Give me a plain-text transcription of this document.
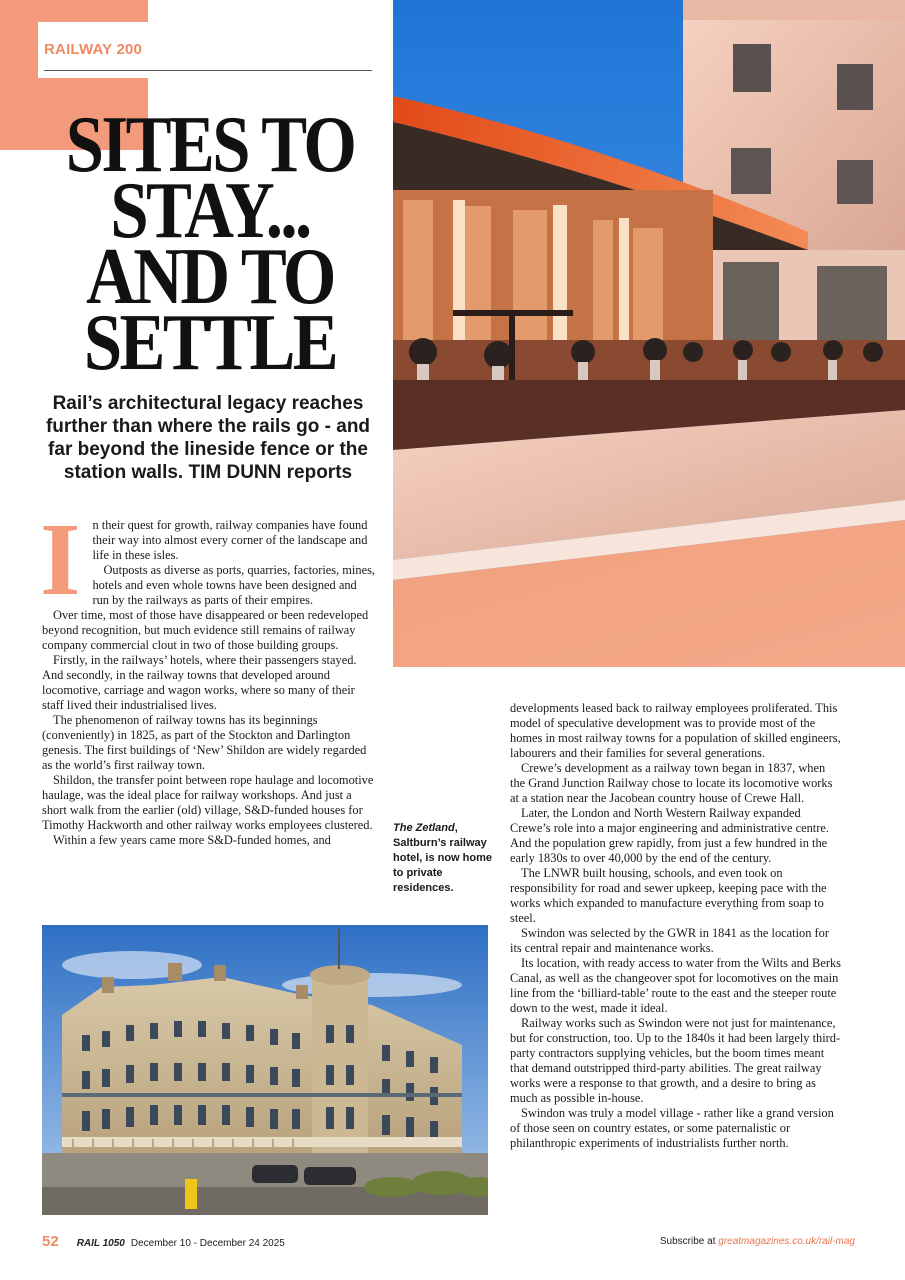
RAILWAY 200
SITES TO
STAY...
AND TO
SETTLE
Rail’s architectural legacy reaches further than where the rails go - and far beyond the lineside fence or the station walls. TIM DUNN reports
I n their quest for growth, railway companies have found their way into almost every corner of the landscape and life in these isles.

Outposts as diverse as ports, quarries, factories, mines, hotels and even whole towns have been designed and run by the railways as parts of their empires.

Over time, most of those have disappeared or been redeveloped beyond recognition, but much evidence still remains of railway company commercial clout in two of those building groups.

Firstly, in the railways’ hotels, where their passengers stayed. And secondly, in the railway towns that developed around locomotive, carriage and wagon works, where so many of their staff lived their industrialised lives.

The phenomenon of railway towns has its beginnings (conveniently) in 1825, as part of the Stockton and Darlington genesis. The first buildings of ‘New’ Shildon are widely regarded as the world’s first railway town.

Shildon, the transfer point between rope haulage and locomotive haulage, was the ideal place for railway workshops. And just a short walk from the earlier (old) village, S&D-funded houses for Timothy Hackworth and other railway works employees clustered.

Within a few years came more S&D-funded homes, and

The Zetland, Saltburn’s railway hotel, is now home to private residences.

developments leased back to railway employees proliferated. This model of speculative development was to provide most of the homes in most railway towns for a population of skilled engineers, labourers and their families for several generations.

Crewe’s development as a railway town began in 1837, when the Grand Junction Railway chose to locate its locomotive works at a station near the Jacobean country house of Crewe Hall.

Later, the London and North Western Railway expanded Crewe’s role into a major engineering and administrative centre. And the population grew rapidly, from just a few hundred in the early 1830s to over 40,000 by the end of the century.

The LNWR built housing, schools, and even took on responsibility for road and sewer upkeep, keeping pace with the works which expanded to manufacture everything from soap to steel.

Swindon was selected by the GWR in 1841 as the location for its central repair and maintenance works.

Its location, with ready access to water from the Wilts and Berks Canal, as well as the changeover spot for locomotives on the main line from the ‘billiard-table’ route to the east and the steeper route down to the west, made it ideal.

Railway works such as Swindon were not just for maintenance, but for construction, too. Up to the 1840s it had been largely third-party contractors supplying vehicles, but the boom times meant that demand outstripped third-party abilities. The great railway works were a response to that growth, and a desire to bring as much as possible in-house.

Swindon was truly a model village - rather like a grand version of those seen on country estates, or some paternalistic or philanthropic experiments of industrialists further north.

52 RAIL 1050 December 10 - December 24 2025	Subscribe at greatmagazines.co.uk/rail-mag
